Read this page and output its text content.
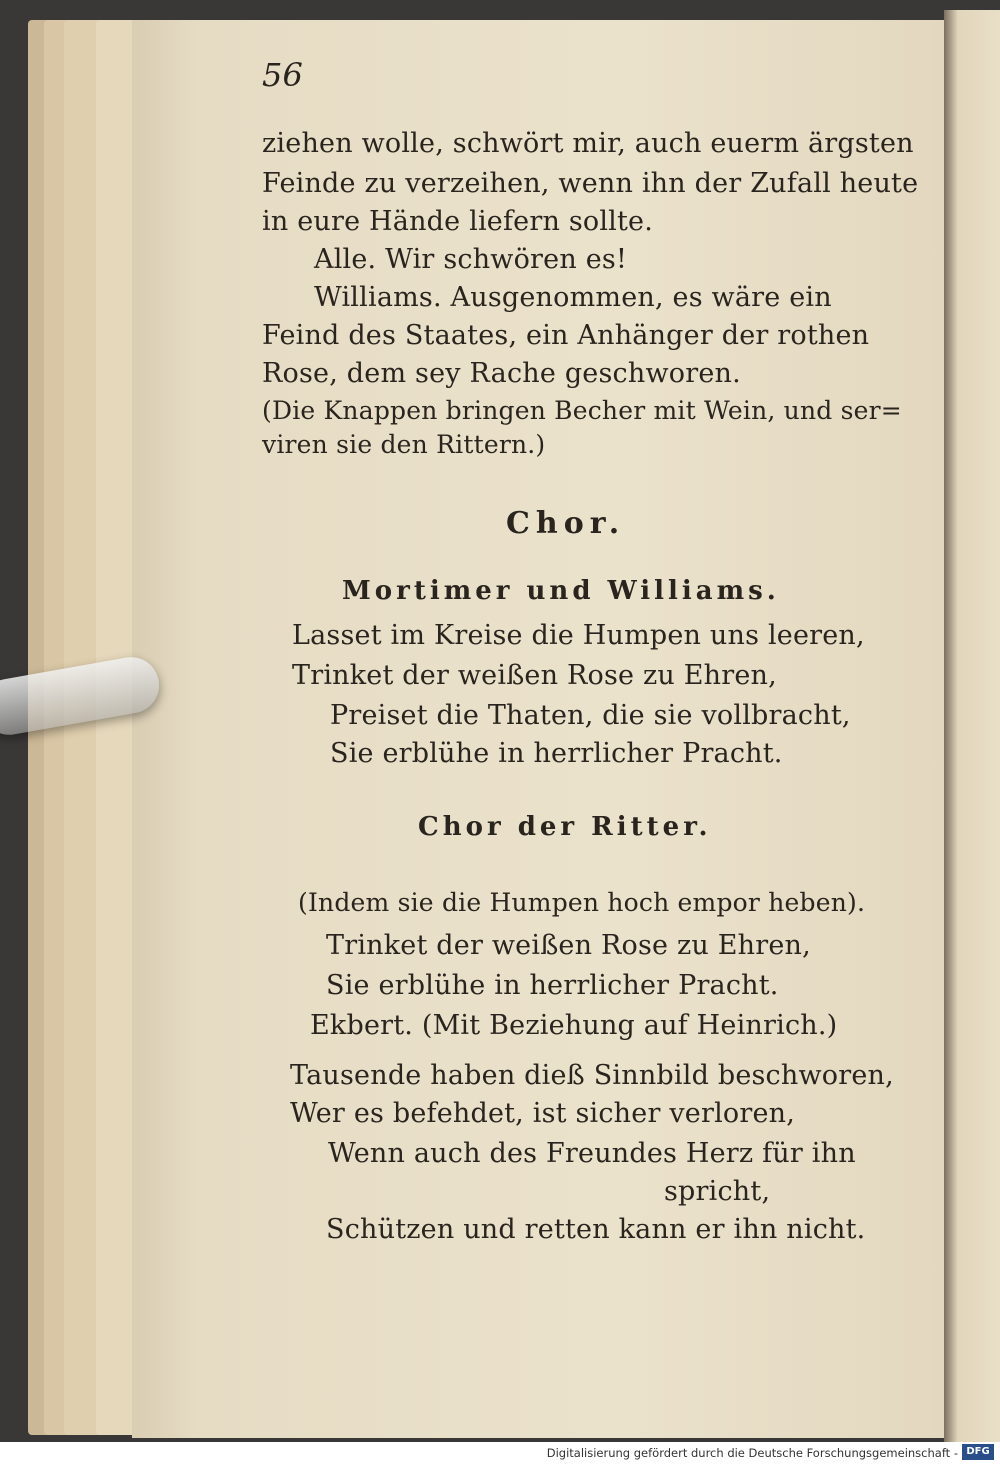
56
ziehen wolle, schwört mir, auch euerm ärgsten
Feinde zu verzeihen, wenn ihn der Zufall heute
in eure Hände liefern sollte.
Alle. Wir schwören es!
Williams. Ausgenommen, es wäre ein
Feind des Staates, ein Anhänger der rothen
Rose, dem sey Rache geschworen.
(Die Knappen bringen Becher mit Wein, und ser=
viren sie den Rittern.)
Chor.
Mortimer und Williams.
Lasset im Kreise die Humpen uns leeren,
Trinket der weißen Rose zu Ehren,
Preiset die Thaten, die sie vollbracht,
Sie erblühe in herrlicher Pracht.
Chor der Ritter.
(Indem sie die Humpen hoch empor heben).
Trinket der weißen Rose zu Ehren,
Sie erblühe in herrlicher Pracht.
Ekbert. (Mit Beziehung auf Heinrich.)
Tausende haben dieß Sinnbild beschworen,
Wer es befehdet, ist sicher verloren,
Wenn auch des Freundes Herz für ihn
spricht,
Schützen und retten kann er ihn nicht.
Digitalisierung gefördert durch die Deutsche Forschungsgemeinschaft - DFG
